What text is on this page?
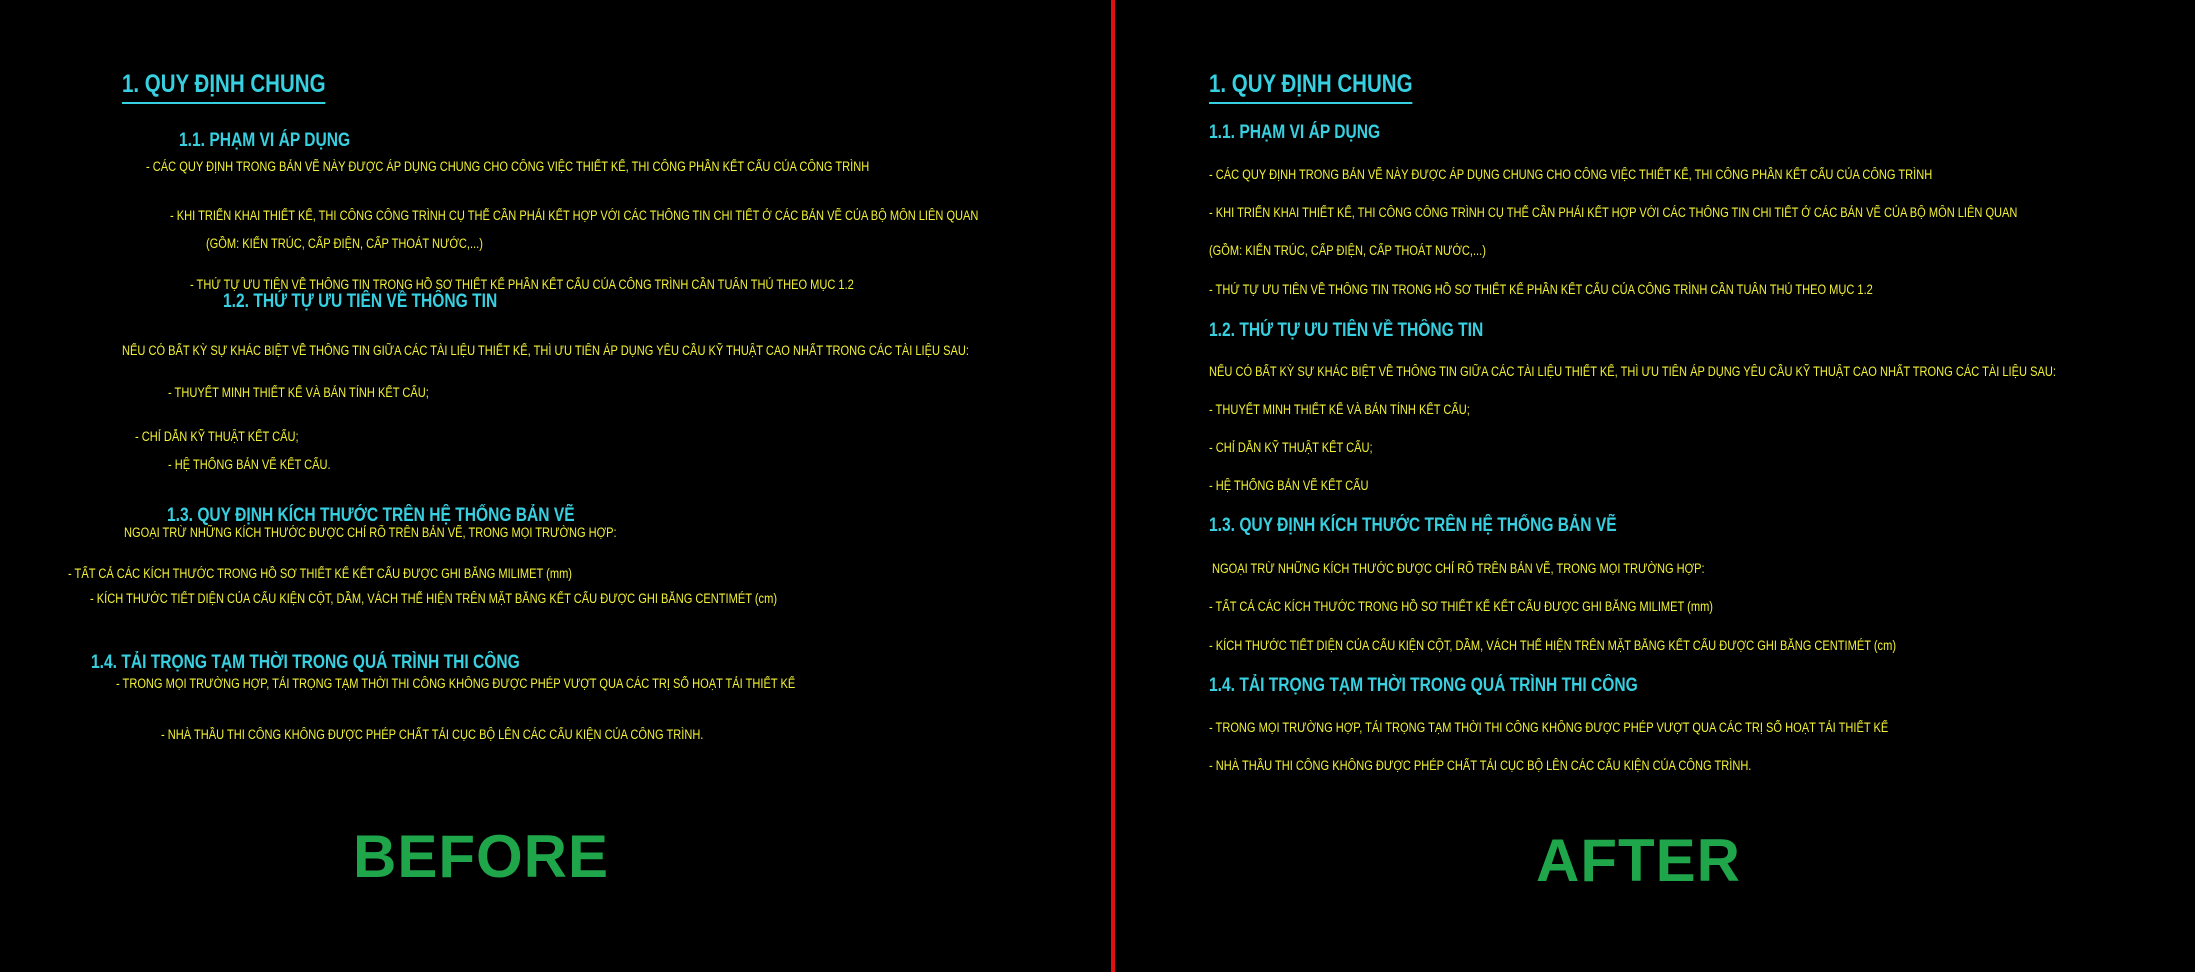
1. QUY ĐỊNH CHUNG
1.1. PHẠM VI ÁP DỤNG
- CÁC QUY ĐỊNH TRONG BẢN VẼ NÀY ĐƯỢC ÁP DỤNG CHUNG CHO CÔNG VIỆC THIẾT KẾ, THI CÔNG PHẦN KẾT CẤU CỦA CÔNG TRÌNH
- KHI TRIỂN KHAI THIẾT KẾ, THI CÔNG CÔNG TRÌNH CỤ THỂ CẦN PHẢI KẾT HỢP VỚI CÁC THÔNG TIN CHI TIẾT Ở CÁC BẢN VẼ CỦA BỘ MÔN LIÊN QUAN
(GỒM: KIẾN TRÚC, CẤP ĐIỆN, CẤP THOÁT NƯỚC,...)
- THỨ TỰ ƯU TIÊN VỀ THÔNG TIN TRONG HỒ SƠ THIẾT KẾ PHẦN KẾT CẤU CỦA CÔNG TRÌNH CẦN TUÂN THỦ THEO MỤC 1.2
1.2. THỨ TỰ ƯU TIÊN VỀ THÔNG TIN
NẾU CÓ BẤT KỲ SỰ KHÁC BIỆT VỀ THÔNG TIN GIỮA CÁC TÀI LIỆU THIẾT KẾ, THÌ ƯU TIÊN ÁP DỤNG YÊU CẦU KỸ THUẬT CAO NHẤT TRONG CÁC TÀI LIỆU SAU:
- THUYẾT MINH THIẾT KẾ VÀ BẢN TÍNH KẾT CẤU;
- CHỈ DẪN KỸ THUẬT KẾT CẤU;
- HỆ THỐNG BẢN VẼ KẾT CẤU.
1.3. QUY ĐỊNH KÍCH THƯỚC TRÊN HỆ THỐNG BẢN VẼ
NGOẠI TRỪ NHỮNG KÍCH THƯỚC ĐƯỢC CHỈ RÕ TRÊN BẢN VẼ, TRONG MỌI TRƯỜNG HỢP:
- TẤT CẢ CÁC KÍCH THƯỚC TRONG HỒ SƠ THIẾT KẾ KẾT CẤU ĐƯỢC GHI BẰNG MILIMET (mm)
- KÍCH THƯỚC TIẾT DIỆN CỦA CẤU KIỆN CỘT, DẦM, VÁCH THỂ HIỆN TRÊN MẶT BẰNG KẾT CẤU ĐƯỢC GHI BẰNG CENTIMÉT (cm)
1.4. TẢI TRỌNG TẠM THỜI TRONG QUÁ TRÌNH THI CÔNG
- TRONG MỌI TRƯỜNG HỢP, TẢI TRỌNG TẠM THỜI THI CÔNG KHÔNG ĐƯỢC PHÉP VƯỢT QUA CÁC TRỊ SỐ HOẠT TẢI THIẾT KẾ
- NHÀ THẦU THI CÔNG KHÔNG ĐƯỢC PHÉP CHẤT TẢI CỤC BỘ LÊN CÁC CẤU KIỆN CỦA CÔNG TRÌNH.
BEFORE
1. QUY ĐỊNH CHUNG
1.1. PHẠM VI ÁP DỤNG
- CÁC QUY ĐỊNH TRONG BẢN VẼ NÀY ĐƯỢC ÁP DỤNG CHUNG CHO CÔNG VIỆC THIẾT KẾ, THI CÔNG PHẦN KẾT CẤU CỦA CÔNG TRÌNH
- KHI TRIỂN KHAI THIẾT KẾ, THI CÔNG CÔNG TRÌNH CỤ THỂ CẦN PHẢI KẾT HỢP VỚI CÁC THÔNG TIN CHI TIẾT Ở CÁC BẢN VẼ CỦA BỘ MÔN LIÊN QUAN
(GỒM: KIẾN TRÚC, CẤP ĐIỆN, CẤP THOÁT NƯỚC,...)
- THỨ TỰ ƯU TIÊN VỀ THÔNG TIN TRONG HỒ SƠ THIẾT KẾ PHẦN KẾT CẤU CỦA CÔNG TRÌNH CẦN TUÂN THỦ THEO MỤC 1.2
1.2. THỨ TỰ ƯU TIÊN VỀ THÔNG TIN
NẾU CÓ BẤT KỲ SỰ KHÁC BIỆT VỀ THÔNG TIN GIỮA CÁC TÀI LIỆU THIẾT KẾ, THÌ ƯU TIÊN ÁP DỤNG YÊU CẦU KỸ THUẬT CAO NHẤT TRONG CÁC TÀI LIỆU SAU:
- THUYẾT MINH THIẾT KẾ VÀ BẢN TÍNH KẾT CẤU;
- CHỈ DẪN KỸ THUẬT KẾT CẤU;
- HỆ THỐNG BẢN VẼ KẾT CẤU
1.3. QUY ĐỊNH KÍCH THƯỚC TRÊN HỆ THỐNG BẢN VẼ
NGOẠI TRỪ NHỮNG KÍCH THƯỚC ĐƯỢC CHỈ RÕ TRÊN BẢN VẼ, TRONG MỌI TRƯỜNG HỢP:
- TẤT CẢ CÁC KÍCH THƯỚC TRONG HỒ SƠ THIẾT KẾ KẾT CẤU ĐƯỢC GHI BẰNG MILIMET (mm)
- KÍCH THƯỚC TIẾT DIỆN CỦA CẤU KIỆN CỘT, DẦM, VÁCH THỂ HIỆN TRÊN MẶT BẰNG KẾT CẤU ĐƯỢC GHI BẰNG CENTIMÉT (cm)
1.4. TẢI TRỌNG TẠM THỜI TRONG QUÁ TRÌNH THI CÔNG
- TRONG MỌI TRƯỜNG HỢP, TẢI TRỌNG TẠM THỜI THI CÔNG KHÔNG ĐƯỢC PHÉP VƯỢT QUA CÁC TRỊ SỐ HOẠT TẢI THIẾT KẾ
- NHÀ THẦU THI CÔNG KHÔNG ĐƯỢC PHÉP CHẤT TẢI CỤC BỘ LÊN CÁC CẤU KIỆN CỦA CÔNG TRÌNH.
AFTER
